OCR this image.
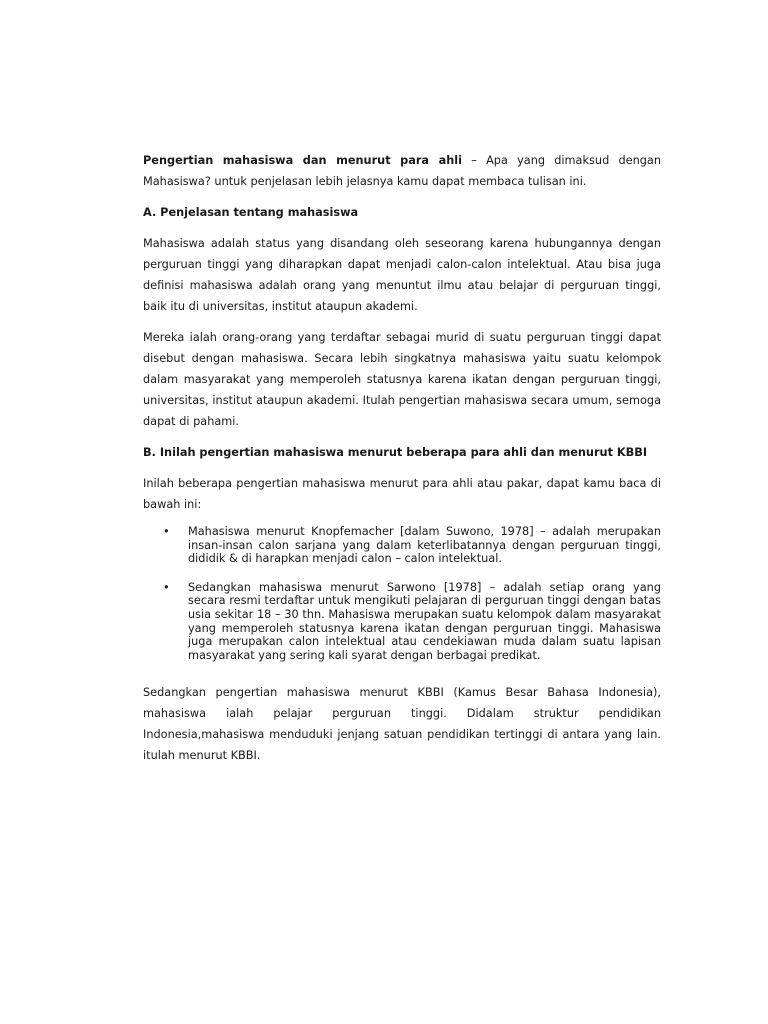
Pengertian mahasiswa dan menurut para ahli – Apa yang dimaksud dengan Mahasiswa? untuk penjelasan lebih jelasnya kamu dapat membaca tulisan ini.

A. Penjelasan tentang mahasiswa

Mahasiswa adalah status yang disandang oleh seseorang karena hubungannya dengan perguruan tinggi yang diharapkan dapat menjadi calon-calon intelektual. Atau bisa juga definisi mahasiswa adalah orang yang menuntut ilmu atau belajar di perguruan tinggi, baik itu di universitas, institut ataupun akademi.

Mereka ialah orang-orang yang terdaftar sebagai murid di suatu perguruan tinggi dapat disebut dengan mahasiswa. Secara lebih singkatnya mahasiswa yaitu suatu kelompok dalam masyarakat yang memperoleh statusnya karena ikatan dengan perguruan tinggi, universitas, institut ataupun akademi. Itulah pengertian mahasiswa secara umum, semoga dapat di pahami.

B. Inilah pengertian mahasiswa menurut beberapa para ahli dan menurut KBBI

Inilah beberapa pengertian mahasiswa menurut para ahli atau pakar, dapat kamu baca di bawah ini:

• Mahasiswa menurut Knopfemacher [dalam Suwono, 1978] – adalah merupakan insan-insan calon sarjana yang dalam keterlibatannya dengan perguruan tinggi, dididik & di harapkan menjadi calon – calon intelektual.
• Sedangkan mahasiswa menurut Sarwono [1978] – adalah setiap orang yang secara resmi terdaftar untuk mengikuti pelajaran di perguruan tinggi dengan batas usia sekitar 18 – 30 thn. Mahasiswa merupakan suatu kelompok dalam masyarakat yang memperoleh statusnya karena ikatan dengan perguruan tinggi. Mahasiswa juga merupakan calon intelektual atau cendekiawan muda dalam suatu lapisan masyarakat yang sering kali syarat dengan berbagai predikat.

Sedangkan pengertian mahasiswa menurut KBBI (Kamus Besar Bahasa Indonesia), mahasiswa ialah pelajar perguruan tinggi. Didalam struktur pendidikan Indonesia,mahasiswa menduduki jenjang satuan pendidikan tertinggi di antara yang lain. itulah menurut KBBI.
